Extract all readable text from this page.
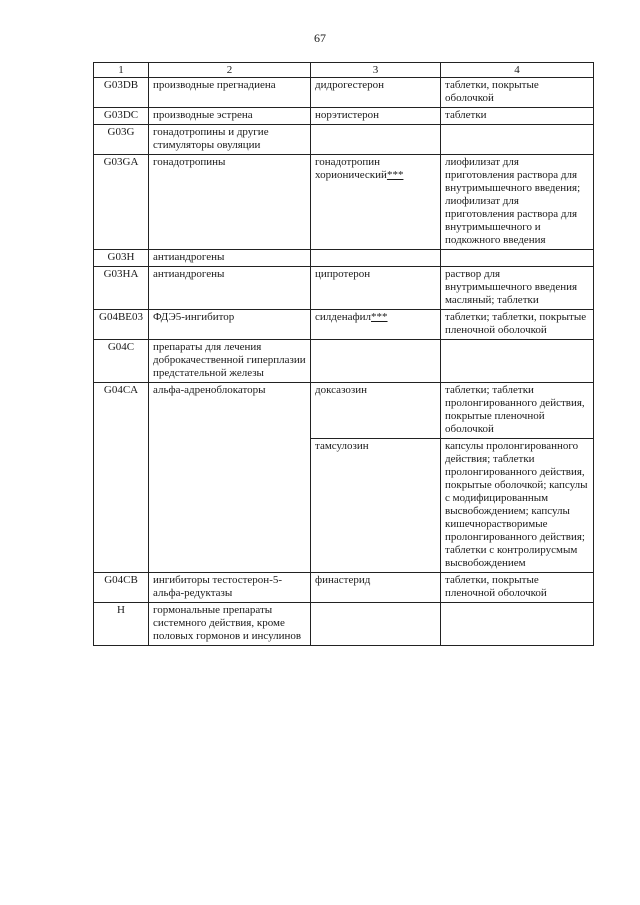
67
1	2	3	4
G03DB	производные прегнадиена	дидрогестерон	таблетки, покрытые оболочкой
G03DC	производные эстрена	норэтистерон	таблетки
G03G	гонадотропины и другие стимуляторы овуляции		
G03GA	гонадотропины	гонадотропин хорионический***	лиофилизат для приготовления раствора для внутримышечного введения; лиофилизат для приготовления раствора для внутримышечного и подкожного введения
G03H	антиандрогены		
G03HA	антиандрогены	ципротерон	раствор для внутримышечного введения масляный; таблетки
G04BE03	ФДЭ5-ингибитор	силденафил***	таблетки; таблетки, покрытые пленочной оболочкой
G04C	препараты для лечения доброкачественной гиперплазии предстательной железы		
G04CA	альфа-адреноблокаторы	доксазозин	таблетки; таблетки пролонгированного действия, покрытые пленочной оболочкой
		тамсулозин	капсулы пролонгированного действия; таблетки пролонгированного действия, покрытые оболочкой; капсулы с модифицированным высвобождением; капсулы кишечнорастворимые пролонгированного действия; таблетки с контролирусмым высвобождением
G04CB	ингибиторы тестостерон-5-альфа-редуктазы	финастерид	таблетки, покрытые пленочной оболочкой
H	гормональные препараты системного действия, кроме половых гормонов и инсулинов		
